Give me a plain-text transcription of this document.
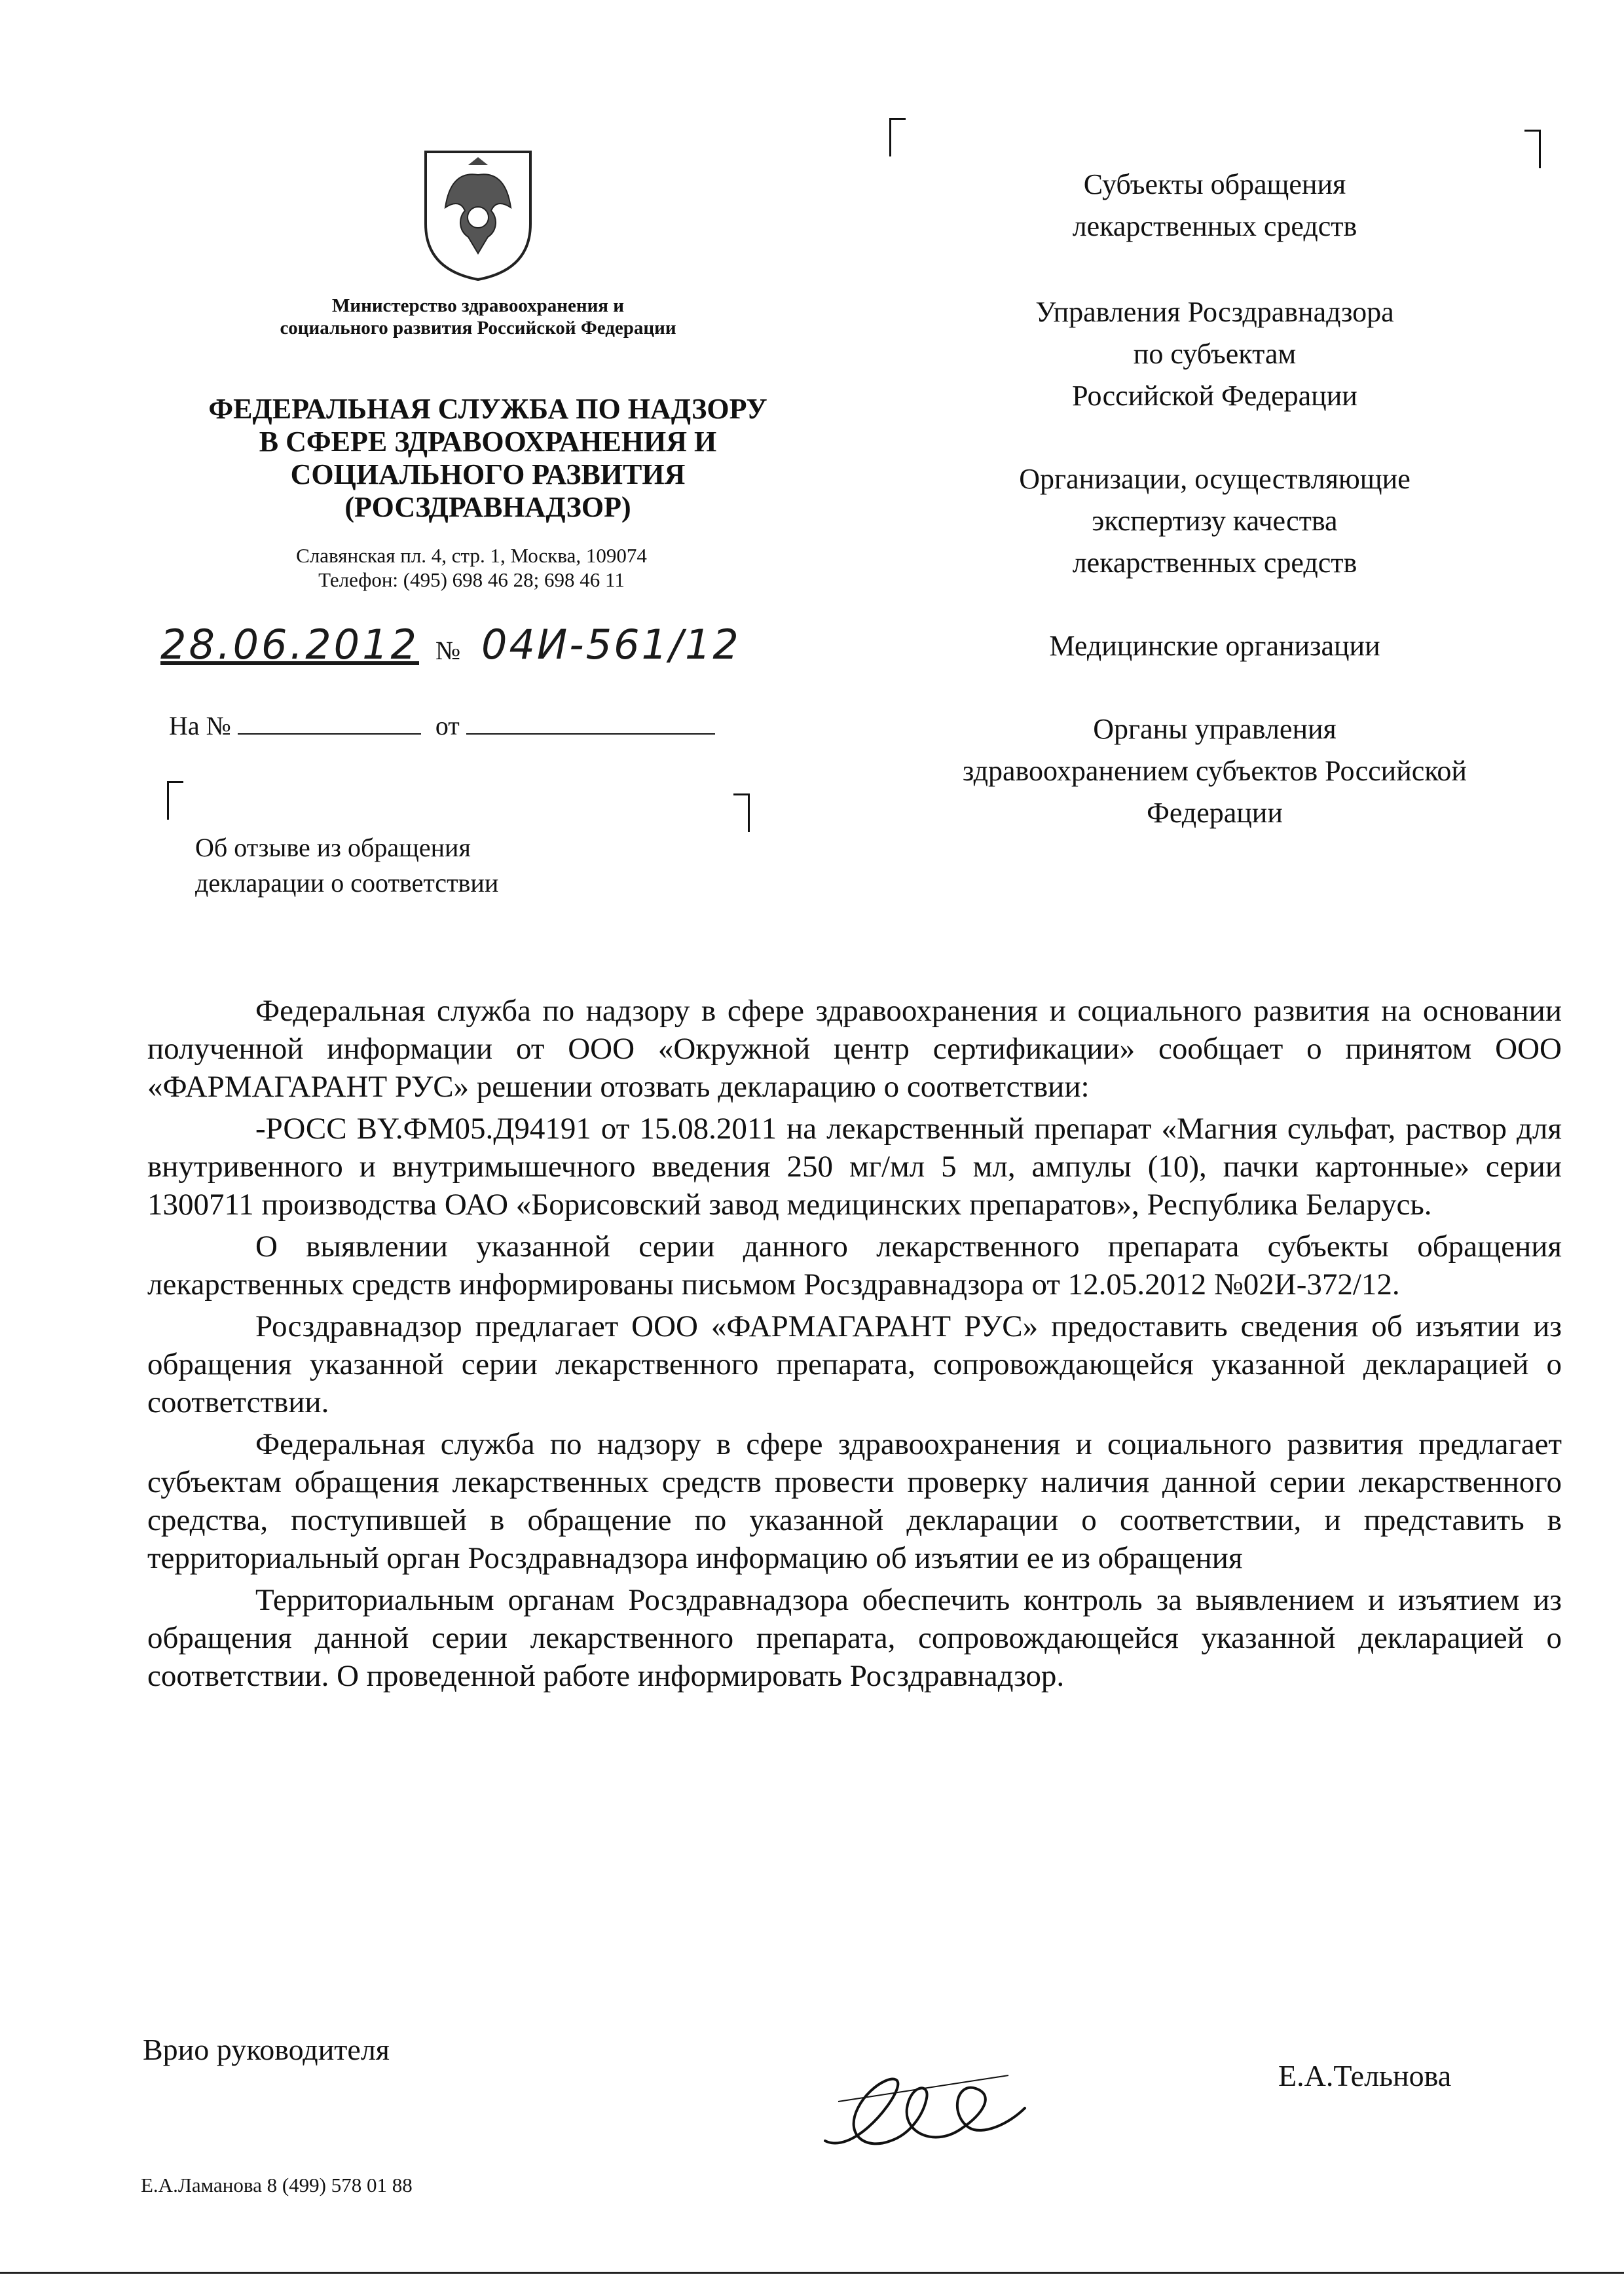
Министерство здравоохранения и
социального развития Российской Федерации
ФЕДЕРАЛЬНАЯ СЛУЖБА ПО НАДЗОРУ
В СФЕРЕ ЗДРАВООХРАНЕНИЯ И
СОЦИАЛЬНОГО РАЗВИТИЯ
(РОСЗДРАВНАДЗОР)
Славянская пл. 4, стр. 1, Москва, 109074
Телефон: (495) 698 46 28; 698 46 11
28.06.2012 № 04И-561/12
На №	от
Об отзыве из обращения
декларации о соответствии
Субъекты обращения
лекарственных средств
Управления Росздравнадзора
по субъектам
Российской Федерации
Организации, осуществляющие
экспертизу качества
лекарственных средств
Медицинские организации
Органы управления
здравоохранением субъектов Российской
Федерации

Федеральная служба по надзору в сфере здравоохранения и социального развития на основании полученной информации от ООО «Окружной центр сертификации» сообщает о принятом ООО «ФАРМАГАРАНТ РУС» решении отозвать декларацию о соответствии:

-РОСС BY.ФМ05.Д94191 от 15.08.2011 на лекарственный препарат «Магния сульфат, раствор для внутривенного и внутримышечного введения 250 мг/мл 5 мл, ампулы (10), пачки картонные» серии 1300711 производства ОАО «Борисовский завод медицинских препаратов», Республика Беларусь.

О выявлении указанной серии данного лекарственного препарата субъекты обращения лекарственных средств информированы письмом Росздравнадзора от 12.05.2012 №02И-372/12.

Росздравнадзор предлагает ООО «ФАРМАГАРАНТ РУС» предоставить сведения об изъятии из обращения указанной серии лекарственного препарата, сопровождающейся указанной декларацией о соответствии.

Федеральная служба по надзору в сфере здравоохранения и социального развития предлагает субъектам обращения лекарственных средств провести проверку наличия данной серии лекарственного средства, поступившей в обращение по указанной декларации о соответствии, и представить в территориальный орган Росздравнадзора информацию об изъятии ее из обращения

Территориальным органам Росздравнадзора обеспечить контроль за выявлением и изъятием из обращения данной серии лекарственного препарата, сопровождающейся указанной декларацией о соответствии. О проведенной работе информировать Росздравнадзор.

Врио руководителя
Е.А.Тельнова
Е.А.Ламанова 8 (499) 578 01 88
